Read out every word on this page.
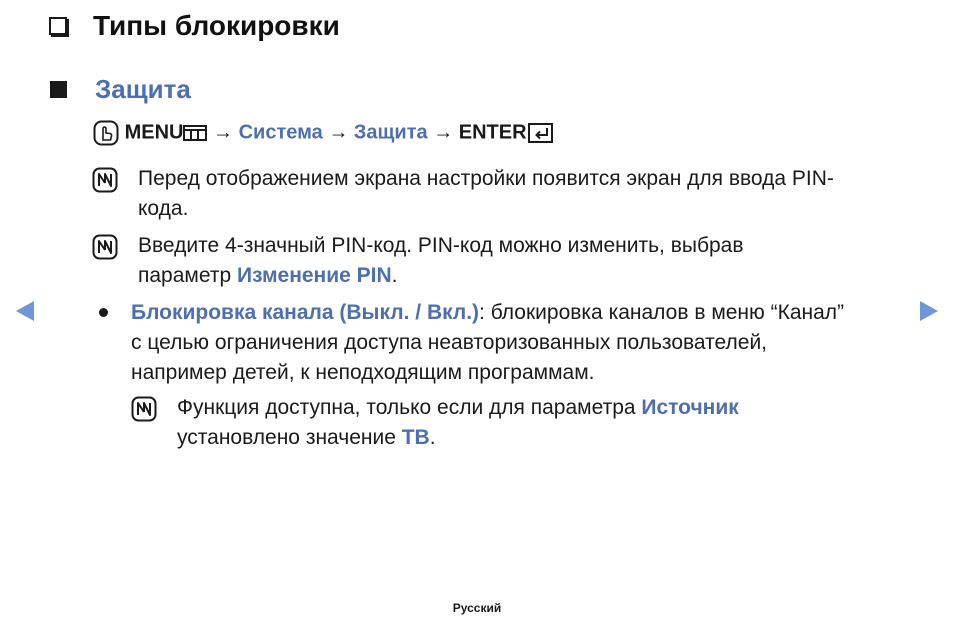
Типы блокировки
Защита
MENU → Система → Защита → ENTER
Перед отображением экрана настройки появится экран для ввода PIN-
кода.
Введите 4-значный PIN-код. PIN-код можно изменить, выбрав
параметр Изменение PIN.
Блокировка канала (Выкл. / Вкл.): блокировка каналов в меню “Канал”
с целью ограничения доступа неавторизованных пользователей,
например детей, к неподходящим программам.
Функция доступна, только если для параметра Источник
установлено значение ТВ.
Русский
